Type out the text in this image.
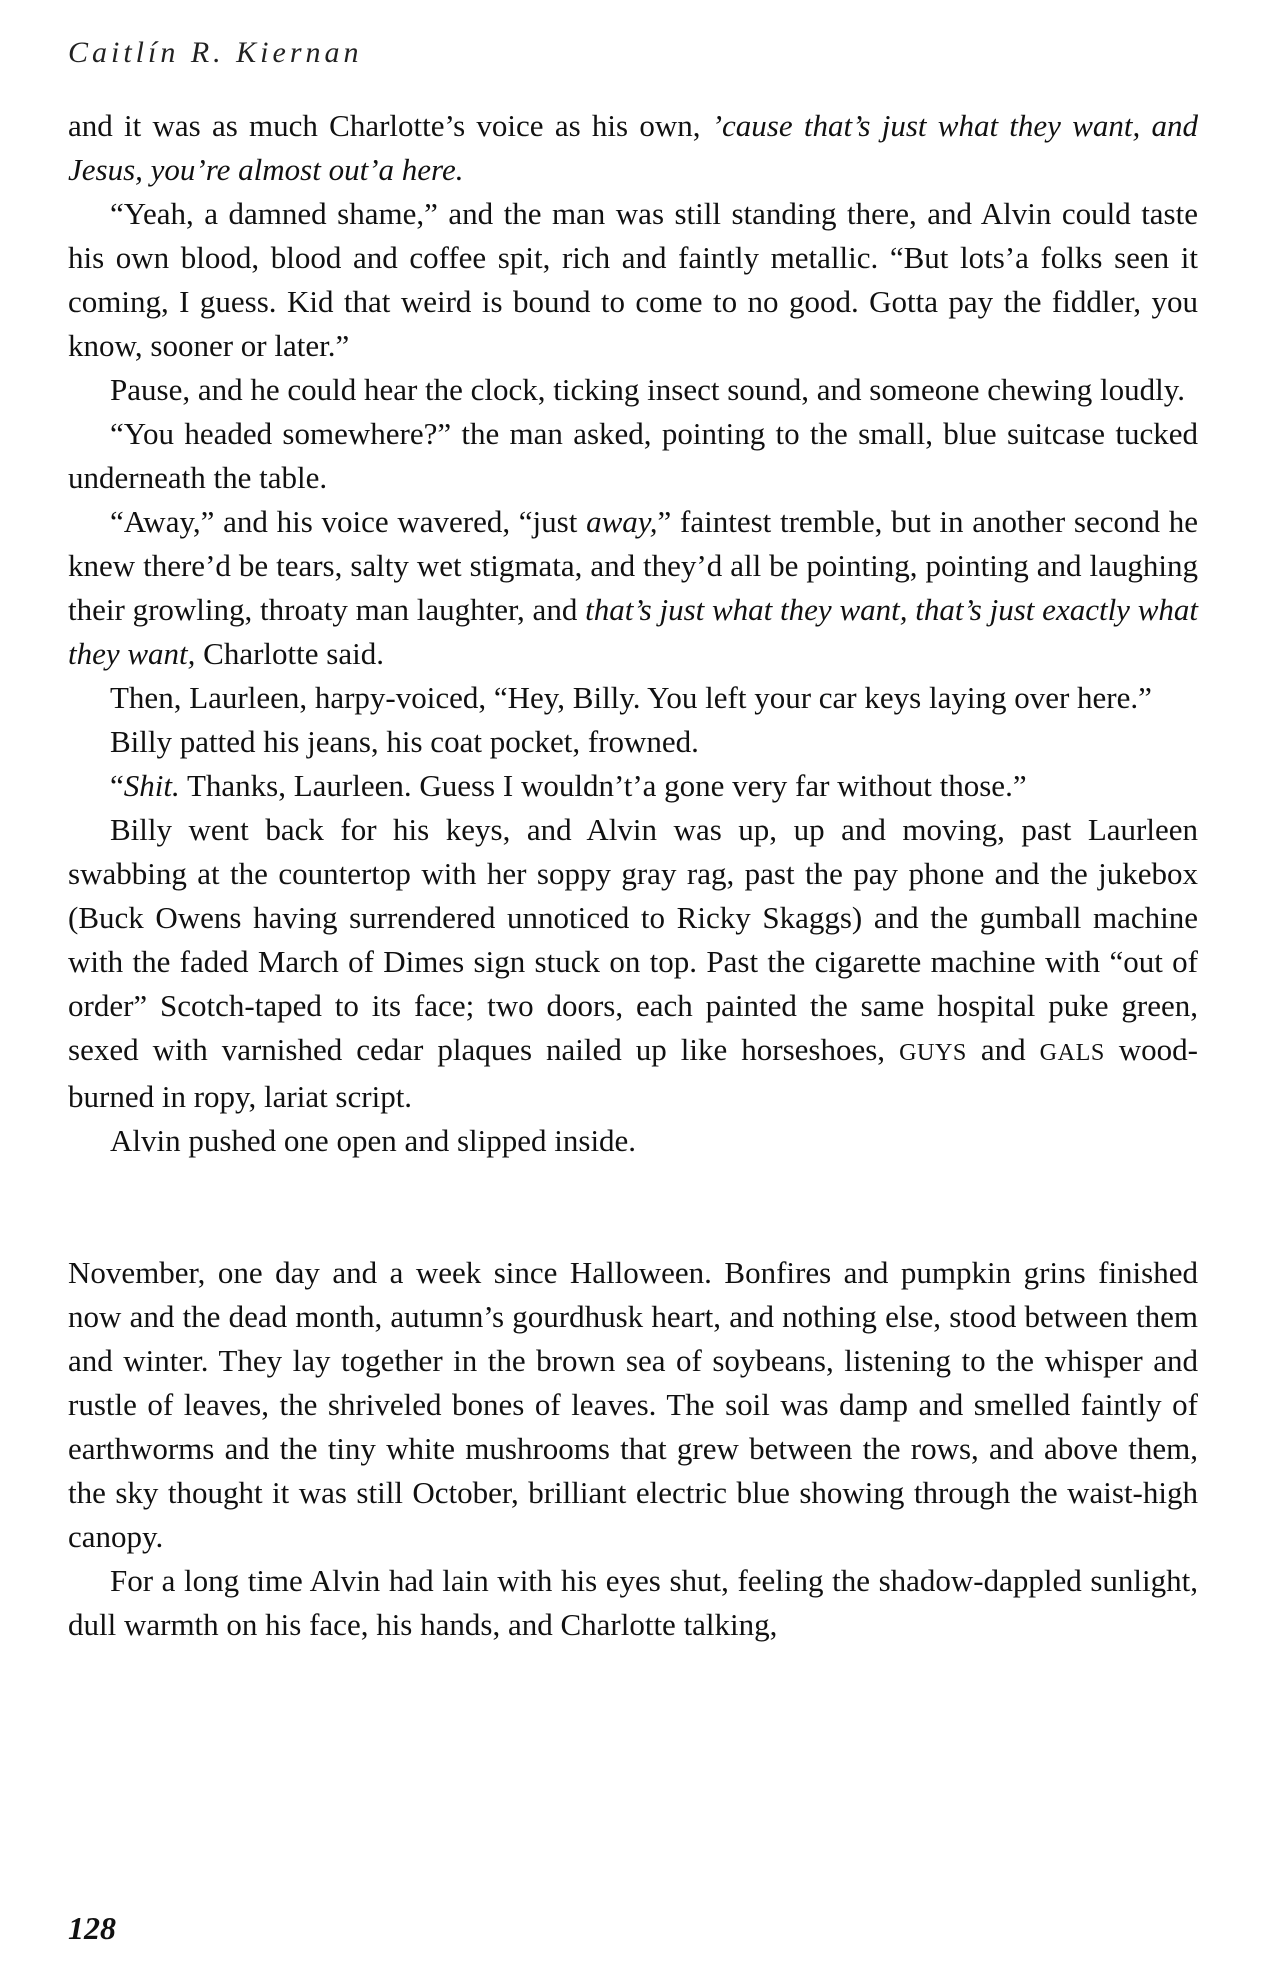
Caitlín R. Kiernan

and it was as much Charlotte’s voice as his own, ’cause that’s just what they want, and Jesus, you’re almost out’a here.

“Yeah, a damned shame,” and the man was still standing there, and Alvin could taste his own blood, blood and coffee spit, rich and faintly metallic. “But lots’a folks seen it coming, I guess. Kid that weird is bound to come to no good. Gotta pay the fiddler, you know, sooner or later.”

Pause, and he could hear the clock, ticking insect sound, and someone chewing loudly.

“You headed somewhere?” the man asked, pointing to the small, blue suitcase tucked underneath the table.

“Away,” and his voice wavered, “just away,” faintest tremble, but in another second he knew there’d be tears, salty wet stigmata, and they’d all be pointing, pointing and laughing their growling, throaty man laughter, and that’s just what they want, that’s just exactly what they want, Charlotte said.

Then, Laurleen, harpy-voiced, “Hey, Billy. You left your car keys laying over here.”

Billy patted his jeans, his coat pocket, frowned.

“Shit. Thanks, Laurleen. Guess I wouldn’t’a gone very far without those.”

Billy went back for his keys, and Alvin was up, up and moving, past Laurleen swabbing at the countertop with her soppy gray rag, past the pay phone and the jukebox (Buck Owens having surrendered unnoticed to Ricky Skaggs) and the gumball machine with the faded March of Dimes sign stuck on top. Past the cigarette machine with “out of order” Scotch-taped to its face; two doors, each painted the same hospital puke green, sexed with varnished cedar plaques nailed up like horseshoes, GUYS and GALS wood-burned in ropy, lariat script.

Alvin pushed one open and slipped inside.

November, one day and a week since Halloween. Bonfires and pumpkin grins finished now and the dead month, autumn’s gourdhusk heart, and nothing else, stood between them and winter. They lay together in the brown sea of soybeans, listening to the whisper and rustle of leaves, the shriveled bones of leaves. The soil was damp and smelled faintly of earthworms and the tiny white mushrooms that grew between the rows, and above them, the sky thought it was still October, brilliant electric blue showing through the waist-high canopy.

For a long time Alvin had lain with his eyes shut, feeling the shadow-dappled sunlight, dull warmth on his face, his hands, and Charlotte talking,

128
